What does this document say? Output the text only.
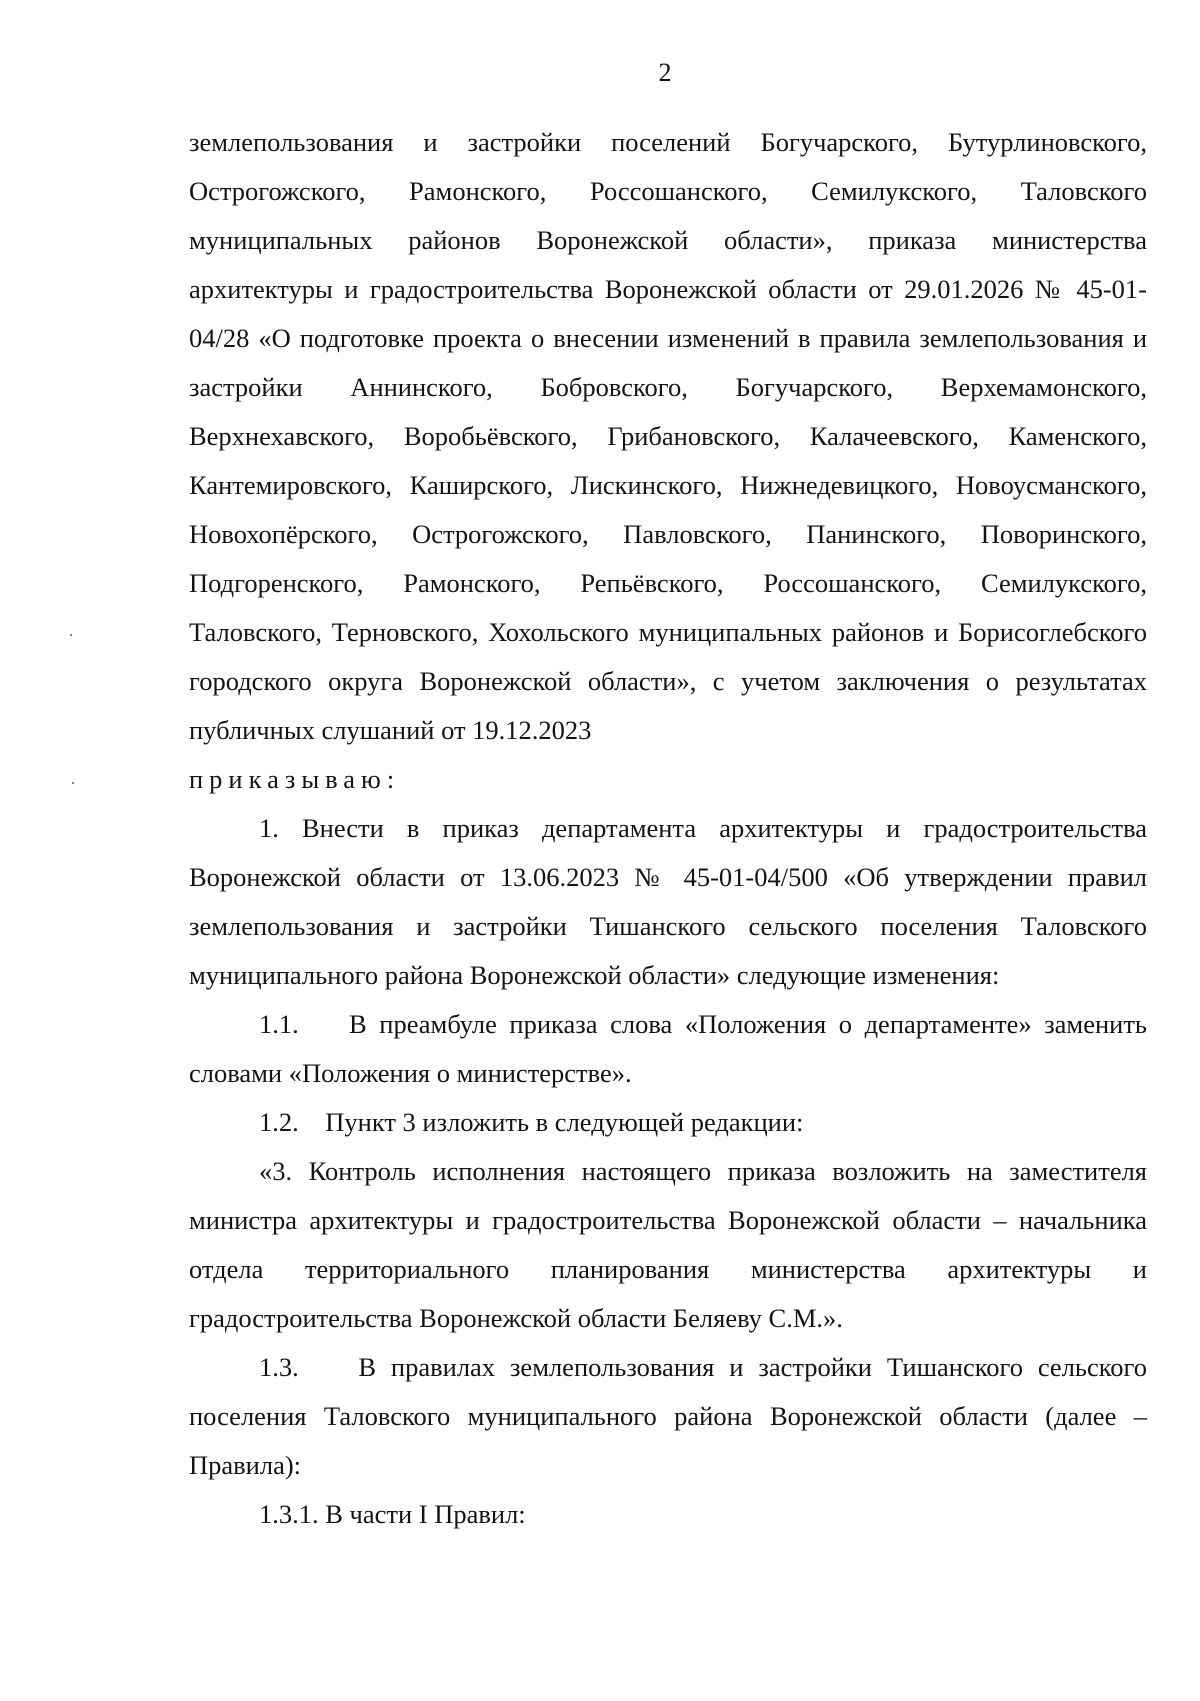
2

землепользования и застройки поселений Богучарского, Бутурлиновского, Острогожского, Рамонского, Россошанского, Семилукского, Таловского муниципальных районов Воронежской области», приказа министерства архитектуры и градостроительства Воронежской области от 29.01.2026 № 45-01-04/28 «О подготовке проекта о внесении изменений в правила землепользования и застройки Аннинского, Бобровского, Богучарского, Верхемамонского, Верхнехавского, Воробьёвского, Грибановского, Калачеевского, Каменского, Кантемировского, Каширского, Лискинского, Нижнедевицкого, Новоусманского, Новохопёрского, Острогожского, Павловского, Панинского, Поворинского, Подгоренского, Рамонского, Репьёвского, Россошанского, Семилукского, Таловского, Терновского, Хохольского муниципальных районов и Борисоглебского городского округа Воронежской области», с учетом заключения о результатах публичных слушаний от 19.12.2023

приказываю:

1. Внести в приказ департамента архитектуры и градостроительства Воронежской области от 13.06.2023 № 45-01-04/500 «Об утверждении правил землепользования и застройки Тишанского сельского поселения Таловского муниципального района Воронежской области» следующие изменения:

1.1. В преамбуле приказа слова «Положения о департаменте» заменить словами «Положения о министерстве».

1.2. Пункт 3 изложить в следующей редакции:

«3. Контроль исполнения настоящего приказа возложить на заместителя министра архитектуры и градостроительства Воронежской области – начальника отдела территориального планирования министерства архитектуры и градостроительства Воронежской области Беляеву С.М.».

1.3. В правилах землепользования и застройки Тишанского сельского поселения Таловского муниципального района Воронежской области (далее – Правила):

1.3.1. В части I Правил:
